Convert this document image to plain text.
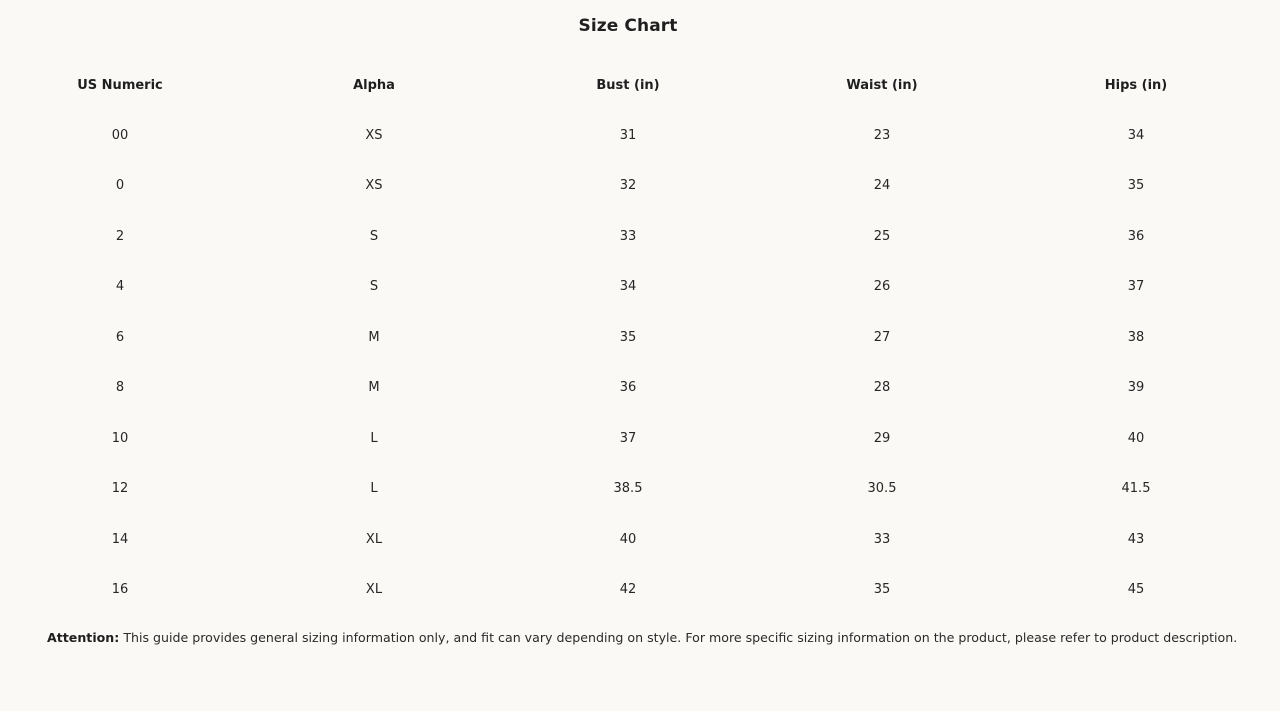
Size Chart
US Numeric	Alpha	Bust (in)	Waist (in)	Hips (in)
00	XS	31	23	34
0	XS	32	24	35
2	S	33	25	36
4	S	34	26	37
6	M	35	27	38
8	M	36	28	39
10	L	37	29	40
12	L	38.5	30.5	41.5
14	XL	40	33	43
16	XL	42	35	45
Attention: This guide provides general sizing information only, and fit can vary depending on style. For more specific sizing information on the product, please refer to product description.
